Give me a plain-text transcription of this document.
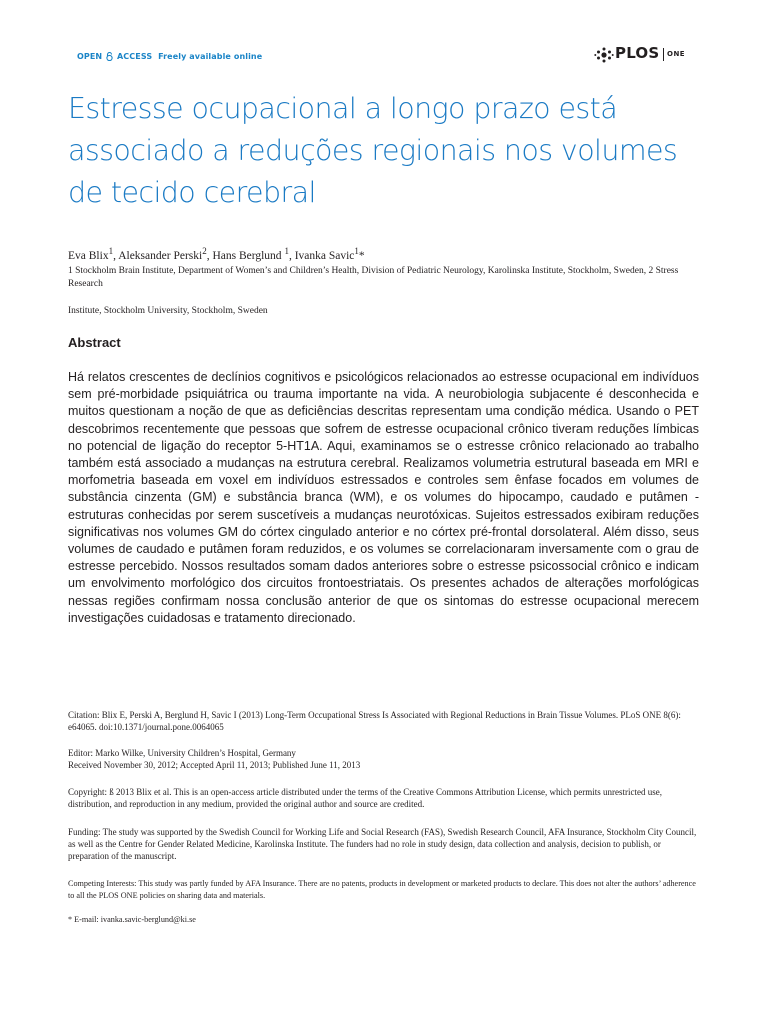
OPEN ACCESS Freely available online	PLOS ONE
Estresse ocupacional a longo prazo está associado a reduções regionais nos volumes de tecido cerebral
Eva Blix$^1$, Aleksander Perski$^2$, Hans Berglund $^1$, Ivanka Savic$^1$*
1 Stockholm Brain Institute, Department of Women’s and Children’s Health, Division of Pediatric Neurology, Karolinska Institute, Stockholm, Sweden, 2 Stress Research
Institute, Stockholm University, Stockholm, Sweden
Abstract

Há relatos crescentes de declínios cognitivos e psicológicos relacionados ao estresse ocupacional em indivíduos sem pré-morbidade psiquiátrica ou trauma importante na vida. A neurobiologia subjacente é desconhecida e muitos questionam a noção de que as deficiências descritas representam uma condição médica. Usando o PET descobrimos recentemente que pessoas que sofrem de estresse ocupacional crônico tiveram reduções límbicas no potencial de ligação do receptor 5-HT1A. Aqui, examinamos se o estresse crônico relacionado ao trabalho também está associado a mudanças na estrutura cerebral. Realizamos volumetria estrutural baseada em MRI e morfometria baseada em voxel em indivíduos estressados e controles sem ênfase focados em volumes de substância cinzenta (GM) e substância branca (WM), e os volumes do hipocampo, caudado e putâmen - estruturas conhecidas por serem suscetíveis a mudanças neurotóxicas. Sujeitos estressados exibiram reduções significativas nos volumes GM do córtex cingulado anterior e no córtex pré-frontal dorsolateral. Além disso, seus volumes de caudado e putâmen foram reduzidos, e os volumes se correlacionaram inversamente com o grau de estresse percebido. Nossos resultados somam dados anteriores sobre o estresse psicossocial crônico e indicam um envolvimento morfológico dos circuitos frontoestriatais. Os presentes achados de alterações morfológicas nessas regiões confirmam nossa conclusão anterior de que os sintomas do estresse ocupacional merecem investigações cuidadosas e tratamento direcionado.

Citation: Blix E, Perski A, Berglund H, Savic I (2013) Long-Term Occupational Stress Is Associated with Regional Reductions in Brain Tissue Volumes. PLoS ONE 8(6): e64065. doi:10.1371/journal.pone.0064065

Editor: Marko Wilke, University Children’s Hospital, Germany
Received November 30, 2012; Accepted April 11, 2013; Published June 11, 2013

Copyright: ß 2013 Blix et al. This is an open-access article distributed under the terms of the Creative Commons Attribution License, which permits unrestricted use, distribution, and reproduction in any medium, provided the original author and source are credited.

Funding: The study was supported by the Swedish Council for Working Life and Social Research (FAS), Swedish Research Council, AFA Insurance, Stockholm City Council, as well as the Centre for Gender Related Medicine, Karolinska Institute. The funders had no role in study design, data collection and analysis, decision to publish, or preparation of the manuscript.

Competing Interests: This study was partly funded by AFA Insurance. There are no patents, products in development or marketed products to declare. This does not alter the authors’ adherence to all the PLOS ONE policies on sharing data and materials.

* E-mail: ivanka.savic-berglund@ki.se
